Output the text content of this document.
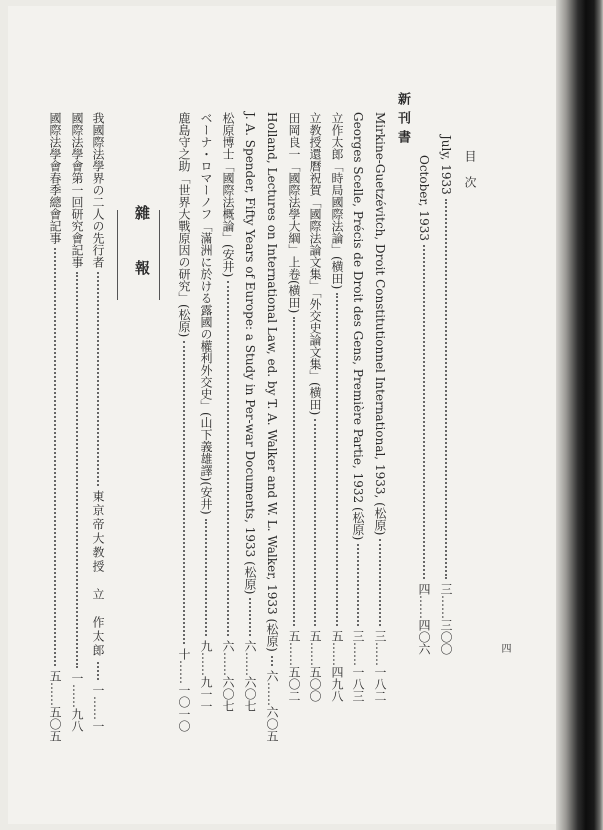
目次
四
July, 1933
三……三〇〇
October, 1933
四……四〇六
新刊書
Mirkine-Guetzévitch, Droit Constitutionnel International, 1933, (松原)
三……一八二
Georges Scelle, Précis de Droit des Gens, Première Partie, 1932 (松原)
三……一八三
立作太郎「時局國際法論」(横田)
五……四九八
立教授還曆祝賀「國際法論文集」「外交史論文集」(横田)
五……五〇〇
田岡良一「國際法學大綱」上卷(横田)
五……五〇二
Holland, Lectures on International Law, ed. by T. A. Walker and W. L. Walker, 1933 (松原)
六……六〇五
J. A. Spender, Fifty Years of Europe: a Study in Per-war Documents, 1933 (松原)
六……六〇七
松原博士「國際法概論」(安井)
六……六〇七
ベーナ・ロマーノフ「滿洲に於ける露國の權利外交史」(山下義雄譯)(安井)
九……九一一
鹿島守之助「世界大戰原因の研究」(松原)
十……一〇一〇
雜報
我國際法學界の二人の先行者
東京帝大教授　立　作太郎
一……一
國際法學會第一回研究會記事
一……九八
國際法學會春季總會記事
五……五〇五
